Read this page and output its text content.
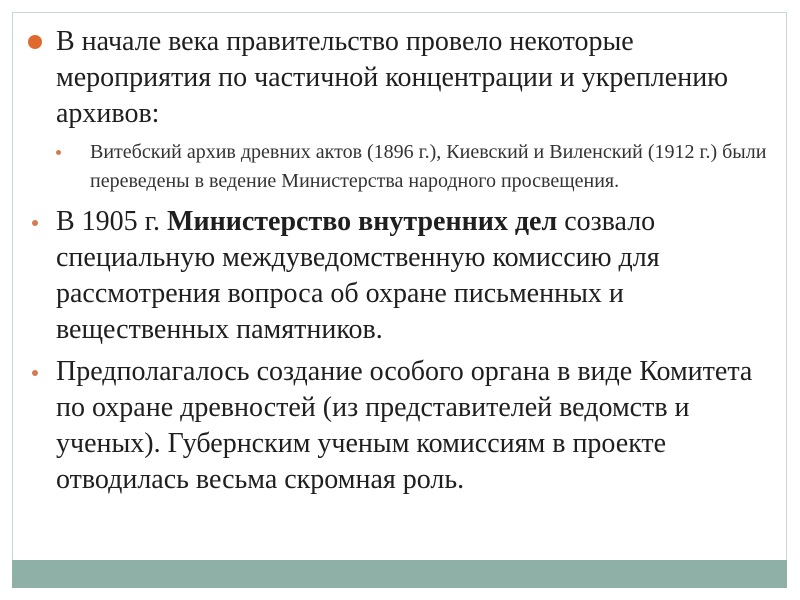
В начале века правительство провело некоторые мероприятия по частичной концентрации и укреплению архивов:
Витебский архив древних актов (1896 г.), Киевский и Виленский (1912 г.) были переведены в ведение Министерства народного просвещения.
В 1905 г. Министерство внутренних дел созвало специальную междуведомственную комиссию для рассмотрения вопроса об охране письменных и вещественных памятников.
Предполагалось создание особого органа в виде Комитета по охране древностей (из представителей ведомств и ученых). Губернским ученым комиссиям в проекте отводилась весьма скромная роль.
